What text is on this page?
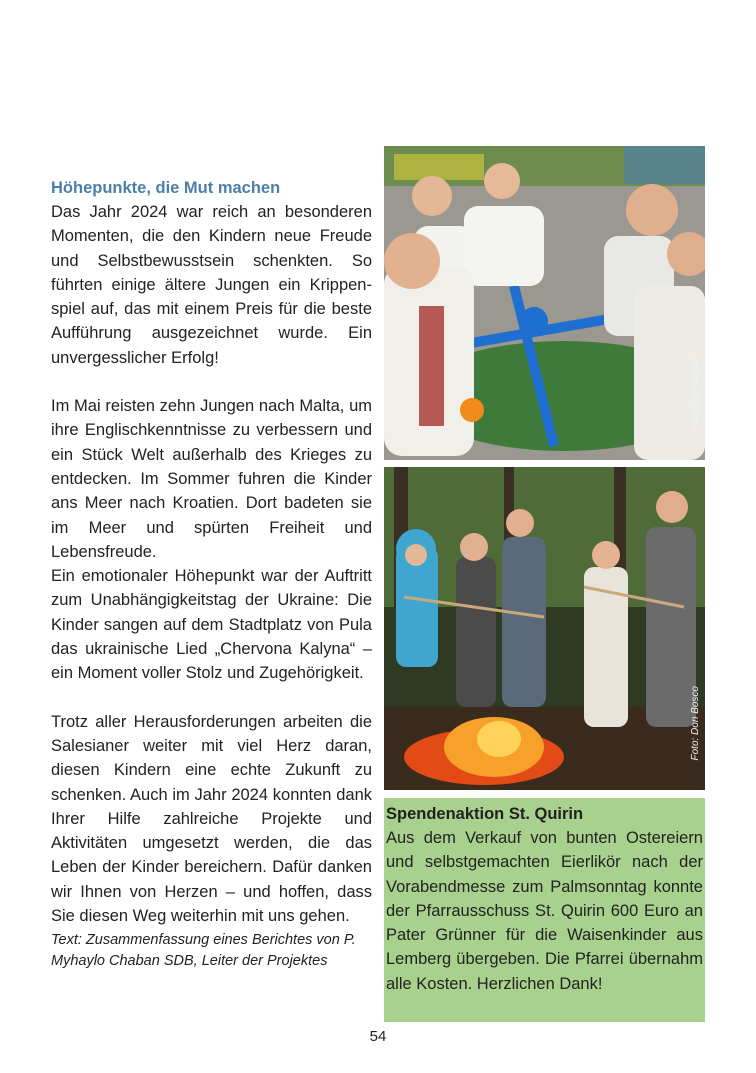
Höhepunkte, die Mut machen

Das Jahr 2024 war reich an besonderen Momenten, die den Kindern neue Freude und Selbstbewusstsein schenkten. So führten einige ältere Jungen ein Krippenspiel auf, das mit einem Preis für die beste Aufführung ausgezeichnet wurde. Ein unvergesslicher Erfolg!

Im Mai reisten zehn Jungen nach Malta, um ihre Englischkenntnisse zu verbessern und ein Stück Welt außerhalb des Krieges zu entdecken. Im Sommer fuhren die Kinder ans Meer nach Kroatien. Dort badeten sie im Meer und spürten Freiheit und Lebensfreude.

Ein emotionaler Höhepunkt war der Auftritt zum Unabhängigkeitstag der Ukraine: Die Kinder sangen auf dem Stadtplatz von Pula das ukrainische Lied „Chervona Kalyna“ – ein Moment voller Stolz und Zugehörigkeit.

Trotz aller Herausforderungen arbeiten die Salesianer weiter mit viel Herz daran, diesen Kindern eine echte Zukunft zu schenken. Auch im Jahr 2024 konnten dank Ihrer Hilfe zahlreiche Projekte und Aktivitäten umgesetzt werden, die das Leben der Kinder bereichern. Dafür danken wir Ihnen von Herzen – und hoffen, dass Sie diesen Weg weiterhin mit uns gehen.

Text: Zusammenfassung eines Berichtes von P. Myhaylo Chaban SDB, Leiter der Projektes
Foto: Don Bosco
Foto: Don Bosco
Spendenaktion St. Quirin
Aus dem Verkauf von bunten Ostereiern und selbstgemachten Eierlikör nach der Vorabendmesse zum Palmsonntag konnte der Pfarrausschuss St. Quirin 600 Euro an Pater Grünner für die Waisenkinder aus Lemberg übergeben. Die Pfarrei übernahm alle Kosten. Herzlichen Dank!
54
